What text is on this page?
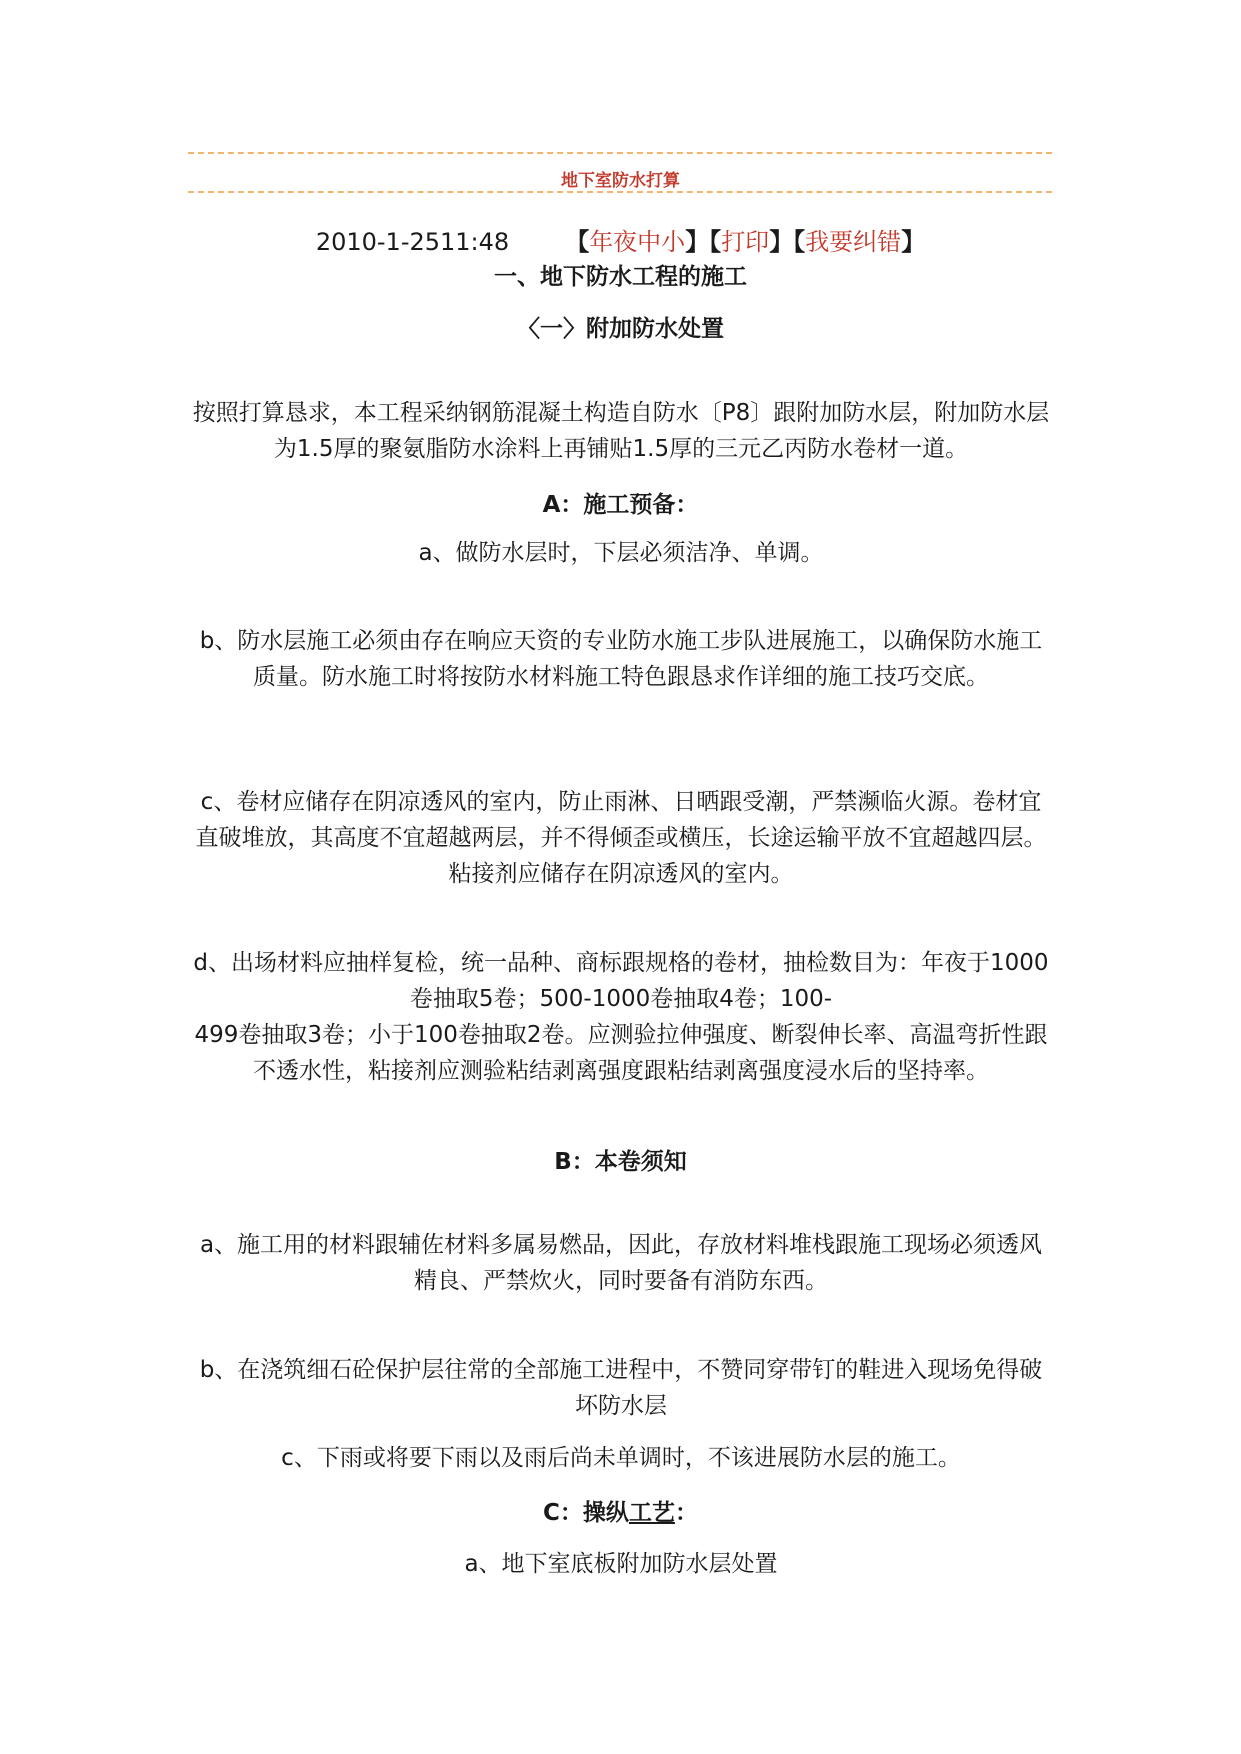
地下室防水打算
2010-1-2511:48 【年夜中小】【打印】【我要纠错】
一、地下防水工程的施工
〈一〉附加防水处置
按照打算恳求，本工程采纳钢筋混凝土构造自防水〔P8〕跟附加防水层，附加防水层为1.5厚的聚氨脂防水涂料上再铺贴1.5厚的三元乙丙防水卷材一道。
A：施工预备：
a、做防水层时，下层必须洁净、单调。
b、防水层施工必须由存在响应天资的专业防水施工步队进展施工，以确保防水施工质量。防水施工时将按防水材料施工特色跟恳求作详细的施工技巧交底。
c、卷材应储存在阴凉透风的室内，防止雨淋、日晒跟受潮，严禁濒临火源。卷材宜直破堆放，其高度不宜超越两层，并不得倾歪或横压，长途运输平放不宜超越四层。粘接剂应储存在阴凉透风的室内。
d、出场材料应抽样复检，统一品种、商标跟规格的卷材，抽检数目为：年夜于1000卷抽取5卷；500-1000卷抽取4卷；100-
499卷抽取3卷；小于100卷抽取2卷。应测验拉伸强度、断裂伸长率、高温弯折性跟不透水性，粘接剂应测验粘结剥离强度跟粘结剥离强度浸水后的坚持率。
B：本卷须知
a、施工用的材料跟辅佐材料多属易燃品，因此，存放材料堆栈跟施工现场必须透风精良、严禁炊火，同时要备有消防东西。
b、在浇筑细石砼保护层往常的全部施工进程中，不赞同穿带钉的鞋进入现场免得破坏防水层
c、下雨或将要下雨以及雨后尚未单调时，不该进展防水层的施工。
C：操纵工艺：
a、地下室底板附加防水层处置
